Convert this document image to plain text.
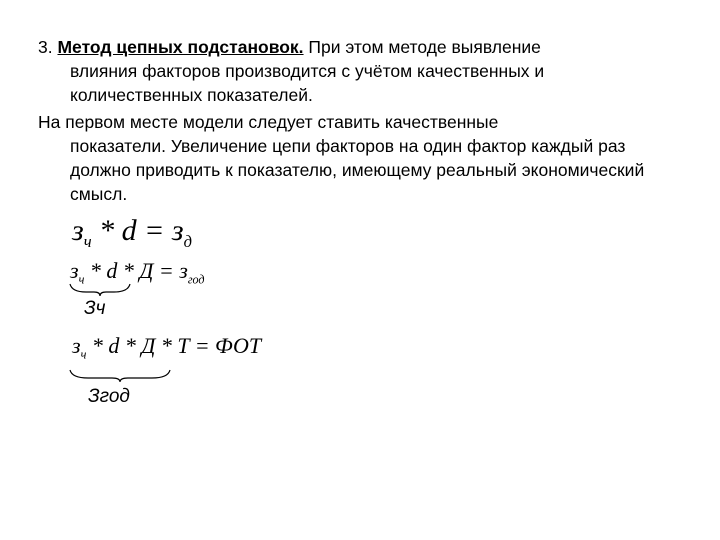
3. Метод цепных подстановок. При этом методе выявление
влияния факторов производится с учётом качественных и количественных показателей.
На первом месте модели следует ставить качественные
показатели. Увеличение цепи факторов на один фактор каждый раз должно приводить к показателю, имеющему реальный экономический смысл.
$з_ч * d = з_д$
$з_ч * d * Д = з_{год}$
Зч
$з_ч$ * d * Д * T = ФОТ
Згод
